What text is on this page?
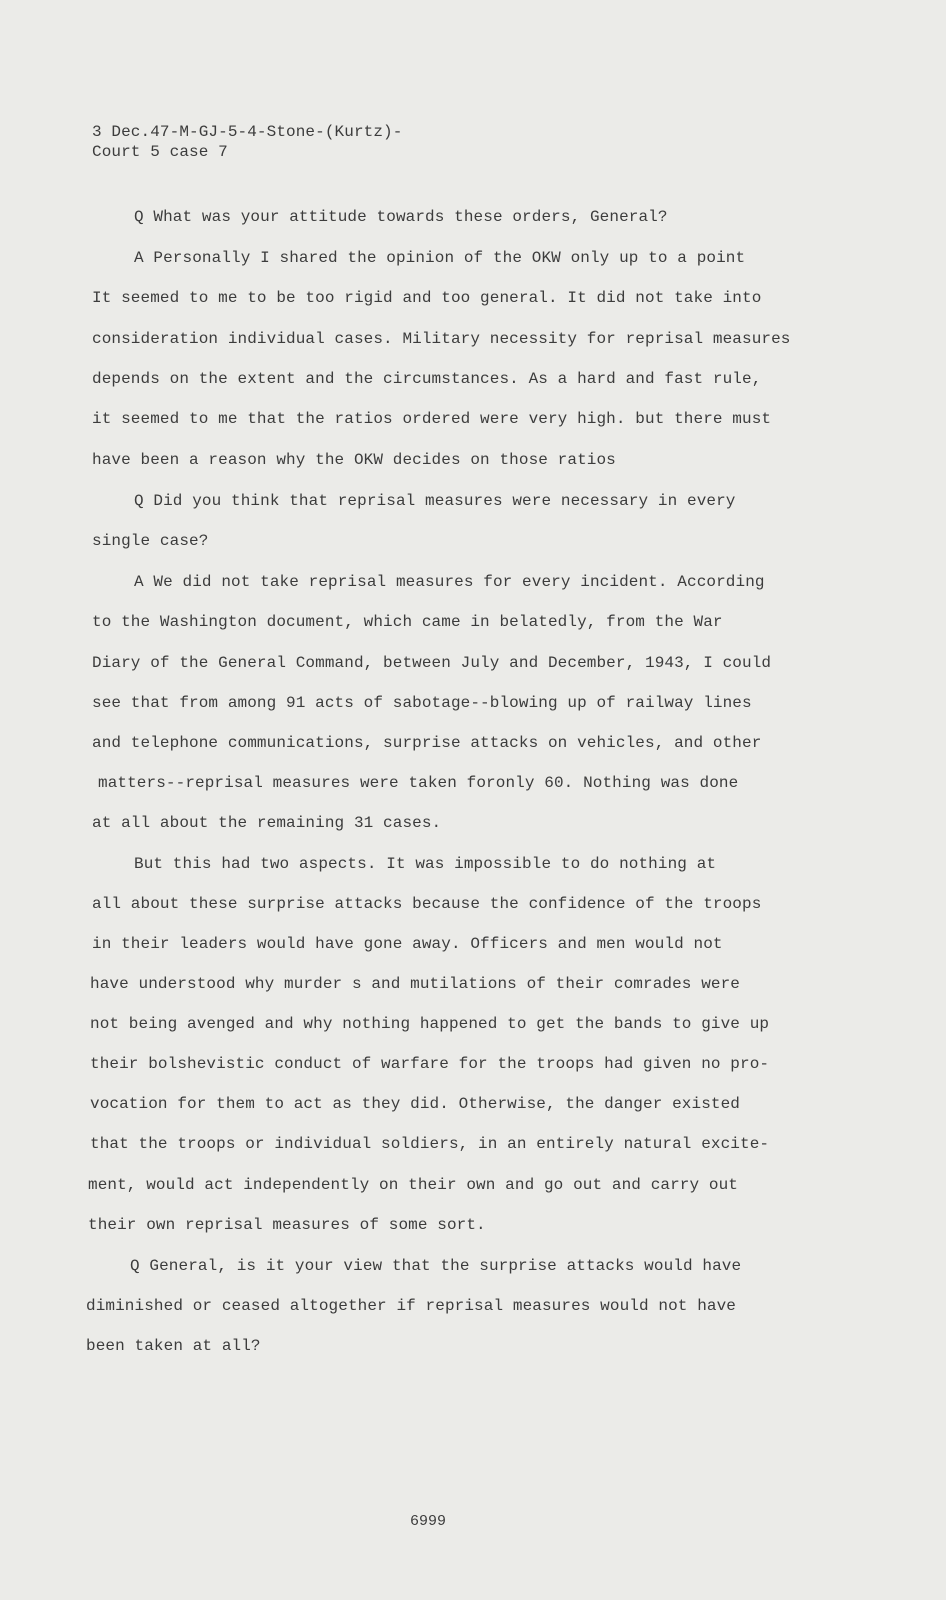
3 Dec.47-M-GJ-5-4-Stone-(Kurtz)-
Court 5 case 7
Q What was your attitude towards these orders, General?
A Personally I shared the opinion of the OKW only up to a point
It seemed to me to be too rigid and too general. It did not take into
consideration individual cases. Military necessity for reprisal measures
depends on the extent and the circumstances. As a hard and fast rule,
it seemed to me that the ratios ordered were very high. but there must
have been a reason why the OKW decides on those ratios
Q Did you think that reprisal measures were necessary in every
single case?
A We did not take reprisal measures for every incident. According
to the Washington document, which came in belatedly, from the War
Diary of the General Command, between July and December, 1943, I could
see that from among 91 acts of sabotage--blowing up of railway lines
and telephone communications, surprise attacks on vehicles, and other
matters--reprisal measures were taken foronly 60. Nothing was done
at all about the remaining 31 cases.
But this had two aspects. It was impossible to do nothing at
all about these surprise attacks because the confidence of the troops
in their leaders would have gone away. Officers and men would not
have understood why murder s and mutilations of their comrades were
not being avenged and why nothing happened to get the bands to give up
their bolshevistic conduct of warfare for the troops had given no pro-
vocation for them to act as they did. Otherwise, the danger existed
that the troops or individual soldiers, in an entirely natural excite-
ment, would act independently on their own and go out and carry out
their own reprisal measures of some sort.
Q General, is it your view that the surprise attacks would have
diminished or ceased altogether if reprisal measures would not have
been taken at all?
6999
